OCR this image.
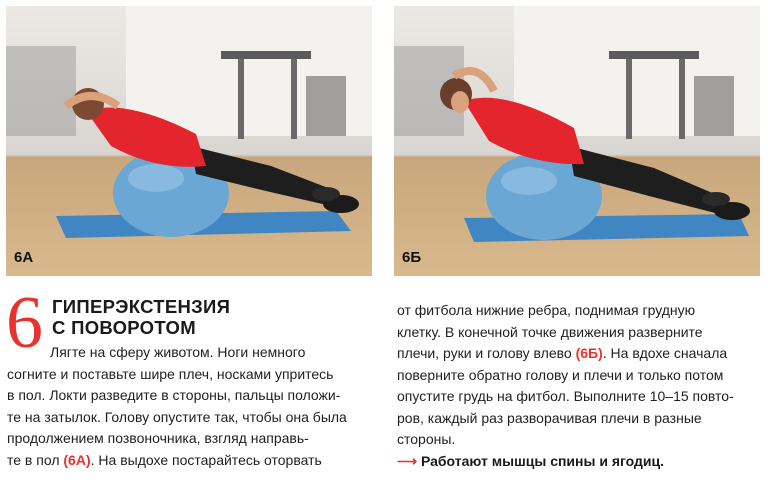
6А	6Б
6 ГИПЕРЭКСТЕНЗИЯ
С ПОВОРОТОМ
Лягте на сферу животом. Ноги немного
согните и поставьте шире плеч, носками упритесь
в пол. Локти разведите в стороны, пальцы положи-
те на затылок. Голову опустите так, чтобы она была
продолжением позвоночника, взгляд направь-
те в пол (6А). На выдохе постарайтесь оторвать
от фитбола нижние ребра, поднимая грудную
клетку. В конечной точке движения разверните
плечи, руки и голову влево (6Б). На вдохе сначала
поверните обратно голову и плечи и только потом
опустите грудь на фитбол. Выполните 10–15 повто-
ров, каждый раз разворачивая плечи в разные
стороны.
⟶ Работают мышцы спины и ягодиц.
